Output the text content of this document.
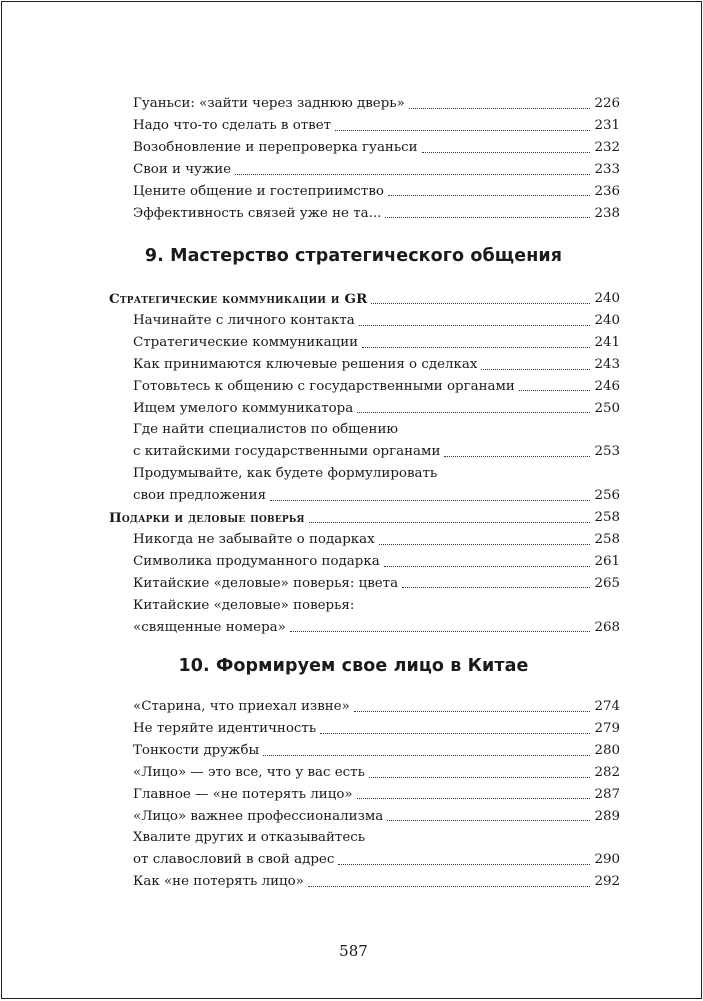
Гуаньси: «зайти через заднюю дверь»	226
Надо что-то сделать в ответ	231
Возобновление и перепроверка гуаньси	232
Свои и чужие	233
Цените общение и гостеприимство	236
Эффективность связей уже не та...	238
9. Мастерство стратегического общения
Стратегические коммуникации и GR	240
Начинайте с личного контакта	240
Стратегические коммуникации	241
Как принимаются ключевые решения о сделках	243
Готовьтесь к общению с государственными органами	246
Ищем умелого коммуникатора	250
Где найти специалистов по общению
с китайскими государственными органами	253
Продумывайте, как будете формулировать
свои предложения	256
Подарки и деловые поверья	258
Никогда не забывайте о подарках	258
Символика продуманного подарка	261
Китайские «деловые» поверья: цвета	265
Китайские «деловые» поверья:
«священные номера»	268
10. Формируем свое лицо в Китае
«Старина, что приехал извне»	274
Не теряйте идентичность	279
Тонкости дружбы	280
«Лицо» — это все, что у вас есть	282
Главное — «не потерять лицо»	287
«Лицо» важнее профессионализма	289
Хвалите других и отказывайтесь
от славословий в свой адрес	290
Как «не потерять лицо»	292
587
